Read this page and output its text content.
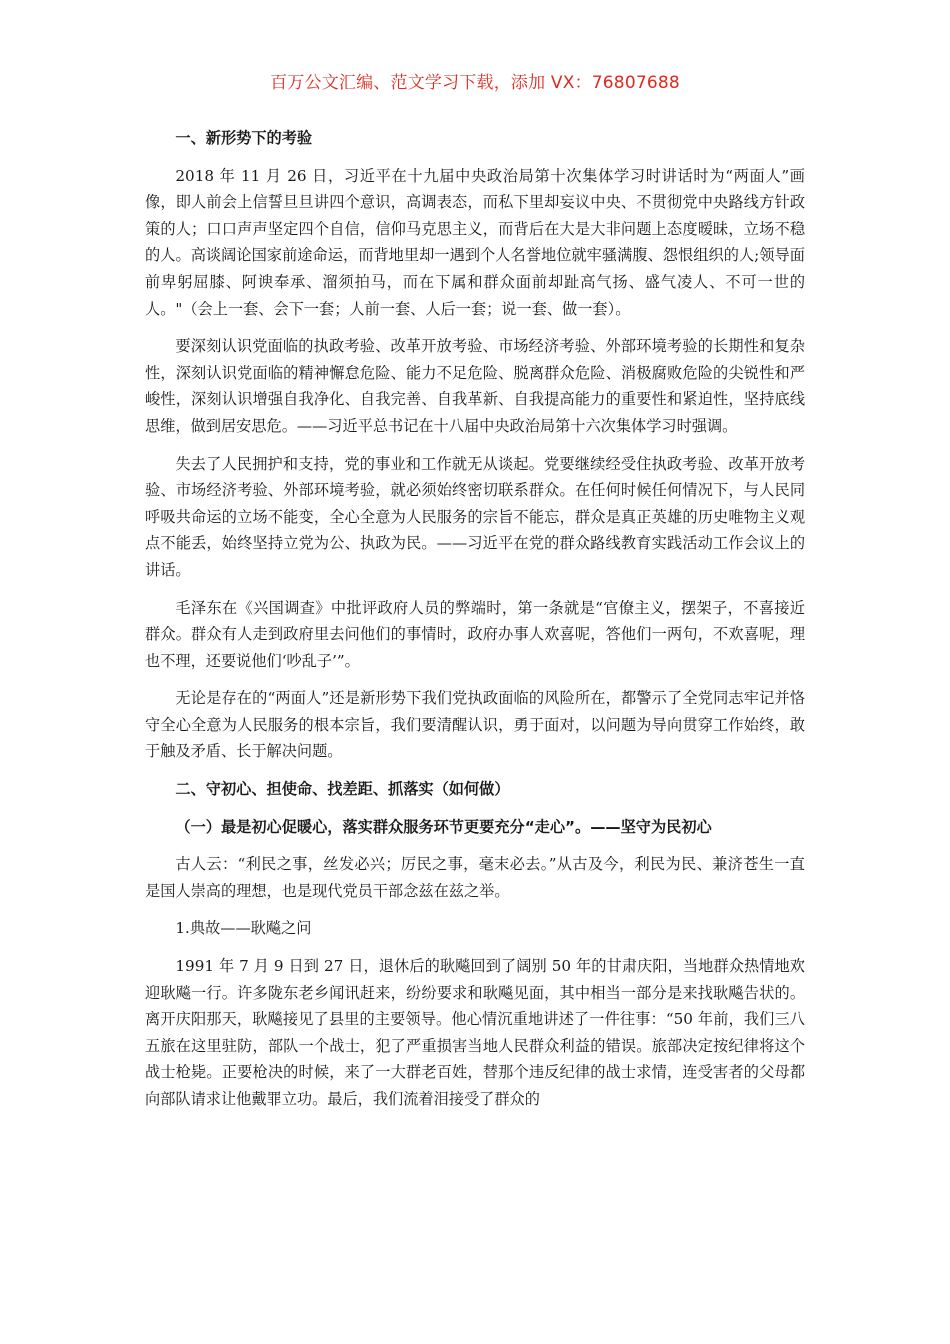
百万公文汇编、范文学习下载，添加 VX：76807688

一、新形势下的考验

2018 年 11 月 26 日，习近平在十九届中央政治局第十次集体学习时讲话时为“两面人”画像，即人前会上信誓旦旦讲四个意识，高调表态，而私下里却妄议中央、不贯彻党中央路线方针政策的人；口口声声坚定四个自信，信仰马克思主义，而背后在大是大非问题上态度暧昧，立场不稳的人。高谈阔论国家前途命运，而背地里却一遇到个人名誉地位就牢骚满腹、怨恨组织的人;领导面前卑躬屈膝、阿谀奉承、溜须拍马，而在下属和群众面前却趾高气扬、盛气凌人、不可一世的人。"（会上一套、会下一套；人前一套、人后一套；说一套、做一套）。

要深刻认识党面临的执政考验、改革开放考验、市场经济考验、外部环境考验的长期性和复杂性，深刻认识党面临的精神懈怠危险、能力不足危险、脱离群众危险、消极腐败危险的尖锐性和严峻性，深刻认识增强自我净化、自我完善、自我革新、自我提高能力的重要性和紧迫性，坚持底线思维，做到居安思危。——习近平总书记在十八届中央政治局第十六次集体学习时强调。

失去了人民拥护和支持，党的事业和工作就无从谈起。党要继续经受住执政考验、改革开放考验、市场经济考验、外部环境考验，就必须始终密切联系群众。在任何时候任何情况下，与人民同呼吸共命运的立场不能变，全心全意为人民服务的宗旨不能忘，群众是真正英雄的历史唯物主义观点不能丢，始终坚持立党为公、执政为民。——习近平在党的群众路线教育实践活动工作会议上的讲话。

毛泽东在《兴国调查》中批评政府人员的弊端时，第一条就是“官僚主义，摆架子，不喜接近群众。群众有人走到政府里去问他们的事情时，政府办事人欢喜呢，答他们一两句，不欢喜呢，理也不理，还要说他们‘吵乱子’”。

无论是存在的“两面人”还是新形势下我们党执政面临的风险所在，都警示了全党同志牢记并恪守全心全意为人民服务的根本宗旨，我们要清醒认识，勇于面对，以问题为导向贯穿工作始终，敢于触及矛盾、长于解决问题。

二、守初心、担使命、找差距、抓落实（如何做）

（一）最是初心促暖心，落实群众服务环节更要充分“走心”。——坚守为民初心

古人云：“利民之事，丝发必兴；厉民之事，毫末必去。”从古及今，利民为民、兼济苍生一直是国人崇高的理想，也是现代党员干部念兹在兹之举。

1.典故——耿飚之问

1991 年 7 月 9 日到 27 日，退休后的耿飚回到了阔别 50 年的甘肃庆阳，当地群众热情地欢迎耿飚一行。许多陇东老乡闻讯赶来，纷纷要求和耿飚见面，其中相当一部分是来找耿飚告状的。离开庆阳那天，耿飚接见了县里的主要领导。他心情沉重地讲述了一件往事：“50 年前，我们三八五旅在这里驻防，部队一个战士，犯了严重损害当地人民群众利益的错误。旅部决定按纪律将这个战士枪毙。正要枪决的时候，来了一大群老百姓，替那个违反纪律的战士求情，连受害者的父母都向部队请求让他戴罪立功。最后，我们流着泪接受了群众的
